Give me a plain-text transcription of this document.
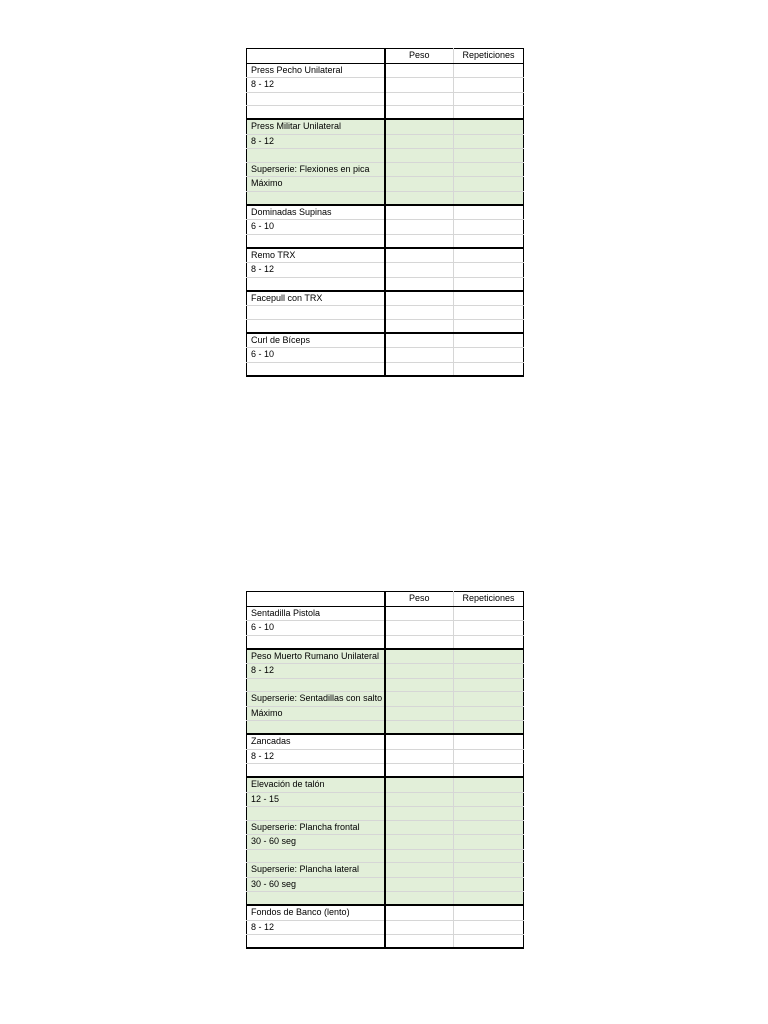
	Peso	Repeticiones
Press Pecho Unilateral		
8 - 12		

Press Militar Unilateral		
8 - 12		

Superserie: Flexiones en pica		
Máximo		

Dominadas Supinas		
6 - 10		

Remo TRX		
8 - 12		

Facepull con TRX		

Curl de Bíceps		
6 - 10		

	Peso	Repeticiones
Sentadilla Pistola		
6 - 10		

Peso Muerto Rumano Unilateral		
8 - 12		

Superserie: Sentadillas con salto		
Máximo		

Zancadas		
8 - 12		

Elevación de talón		
12 - 15		

Superserie: Plancha frontal		
30 - 60 seg		

Superserie: Plancha lateral		
30 - 60 seg		

Fondos de Banco (lento)		
8 - 12		
